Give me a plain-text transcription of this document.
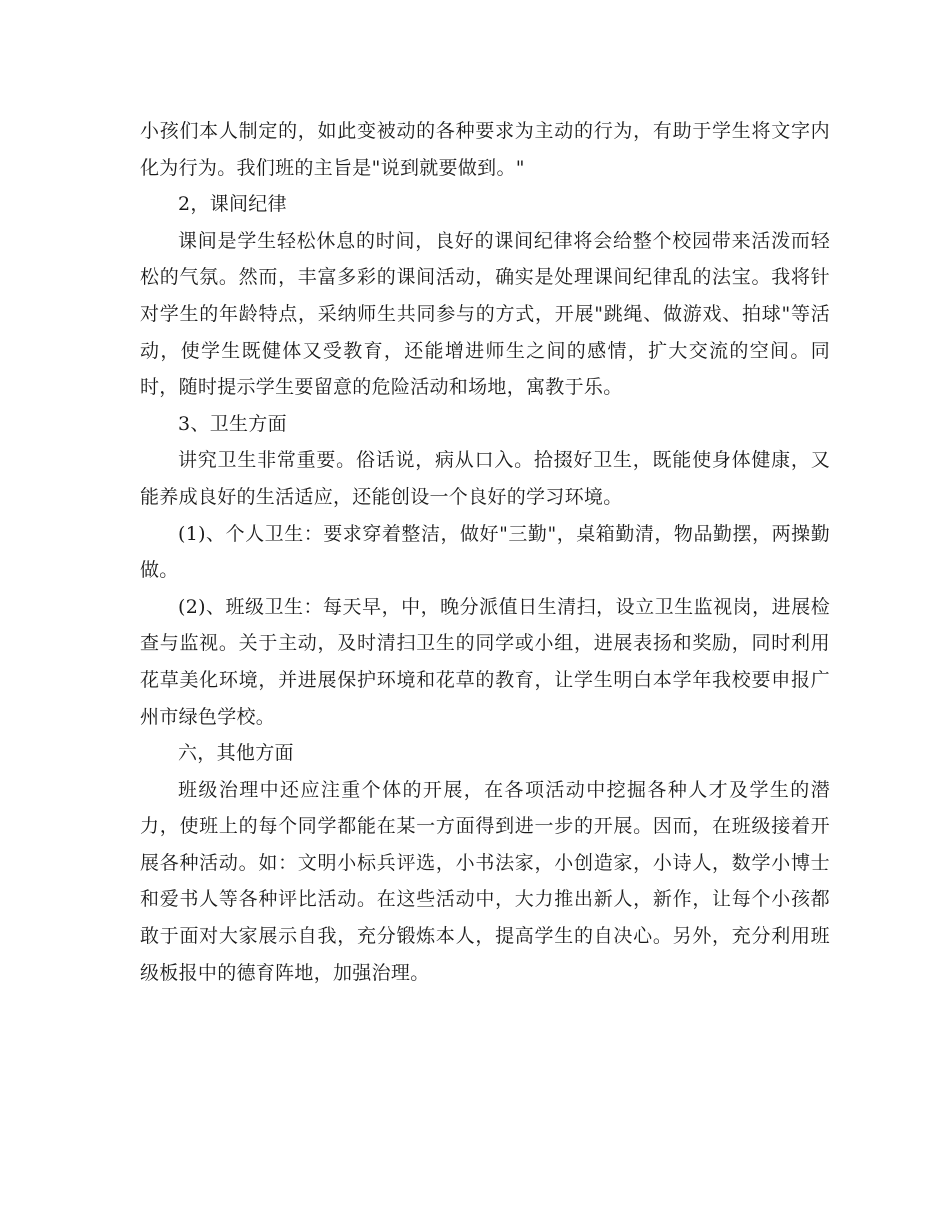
小孩们本人制定的，如此变被动的各种要求为主动的行为，有助于学生将文字内化为行为。我们班的主旨是"说到就要做到。"

2，课间纪律

课间是学生轻松休息的时间，良好的课间纪律将会给整个校园带来活泼而轻松的气氛。然而，丰富多彩的课间活动，确实是处理课间纪律乱的法宝。我将针对学生的年龄特点，采纳师生共同参与的方式，开展"跳绳、做游戏、拍球"等活动，使学生既健体又受教育，还能增进师生之间的感情，扩大交流的空间。同时，随时提示学生要留意的危险活动和场地，寓教于乐。

3、卫生方面

讲究卫生非常重要。俗话说，病从口入。拾掇好卫生，既能使身体健康，又能养成良好的生活适应，还能创设一个良好的学习环境。

(1)、个人卫生：要求穿着整洁，做好"三勤"，桌箱勤清，物品勤摆，两操勤做。

(2)、班级卫生：每天早，中，晚分派值日生清扫，设立卫生监视岗，进展检查与监视。关于主动，及时清扫卫生的同学或小组，进展表扬和奖励，同时利用花草美化环境，并进展保护环境和花草的教育，让学生明白本学年我校要申报广州市绿色学校。

六，其他方面

班级治理中还应注重个体的开展，在各项活动中挖掘各种人才及学生的潜力，使班上的每个同学都能在某一方面得到进一步的开展。因而，在班级接着开展各种活动。如：文明小标兵评选，小书法家，小创造家，小诗人，数学小博士和爱书人等各种评比活动。在这些活动中，大力推出新人，新作，让每个小孩都敢于面对大家展示自我，充分锻炼本人，提高学生的自决心。另外，充分利用班级板报中的德育阵地，加强治理。
